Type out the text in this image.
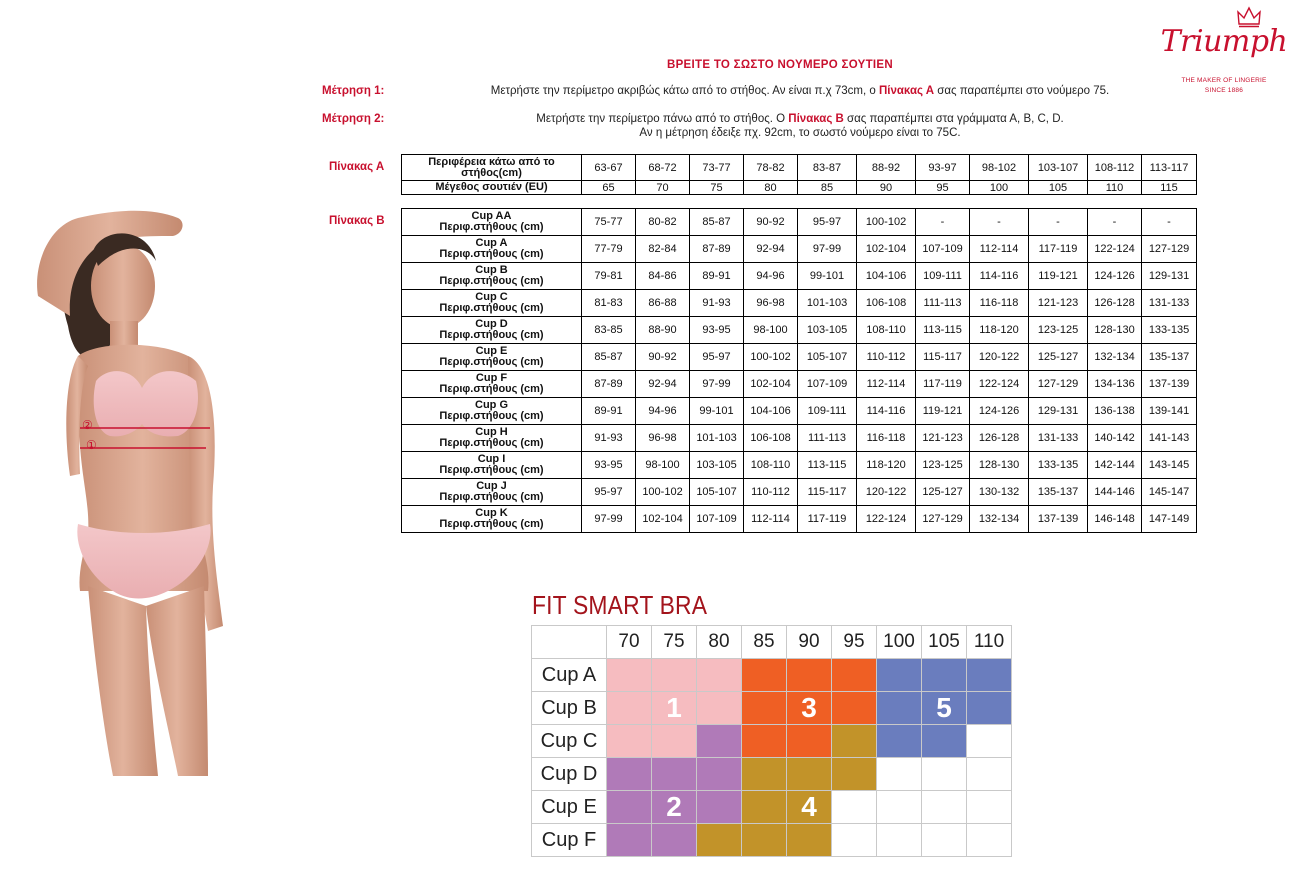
ΒΡΕΙΤΕ ΤΟ ΣΩΣΤΟ ΝΟΥΜΕΡΟ ΣΟΥΤΙΕΝ
Triumph
THE MAKER OF LINGERIE
SINCE 1886
Μέτρηση 1:	Μετρήστε την περίμετρο ακριβώς κάτω από το στήθος. Αν είναι π.χ 73cm, ο Πίνακας Α σας παραπέμπει στο νούμερο 75.
Μέτρηση 2:	Μετρήστε την περίμετρο πάνω από το στήθος. Ο Πίνακας Β σας παραπέμπει στα γράμματα Α, Β, C, D.
Αν η μέτρηση έδειξε πχ. 92cm, το σωστό νούμερο είναι το 75C.
Πίνακας Α	Περιφέρεια κάτω από το στήθος(cm)	63-67	68-72	73-77	78-82	83-87	88-92	93-97	98-102	103-107	108-112	113-117
Μέγεθος σουτιέν (EU)	65	70	75	80	85	90	95	100	105	110	115
Πίνακας Β	Cup AA
Περιφ.στήθους (cm)	75-77	80-82	85-87	90-92	95-97	100-102	-	-	-	-	-

Cup A
Περιφ.στήθους (cm)	77-79	82-84	87-89	92-94	97-99	102-104	107-109	112-114	117-119	122-124	127-129

Cup B
Περιφ.στήθους (cm)	79-81	84-86	89-91	94-96	99-101	104-106	109-111	114-116	119-121	124-126	129-131

Cup C
Περιφ.στήθους (cm)	81-83	86-88	91-93	96-98	101-103	106-108	111-113	116-118	121-123	126-128	131-133

Cup D
Περιφ.στήθους (cm)	83-85	88-90	93-95	98-100	103-105	108-110	113-115	118-120	123-125	128-130	133-135

Cup E
Περιφ.στήθους (cm)	85-87	90-92	95-97	100-102	105-107	110-112	115-117	120-122	125-127	132-134	135-137

Cup F
Περιφ.στήθους (cm)	87-89	92-94	97-99	102-104	107-109	112-114	117-119	122-124	127-129	134-136	137-139

Cup G
Περιφ.στήθους (cm)	89-91	94-96	99-101	104-106	109-111	114-116	119-121	124-126	129-131	136-138	139-141

Cup H
Περιφ.στήθους (cm)	91-93	96-98	101-103	106-108	111-113	116-118	121-123	126-128	131-133	140-142	141-143

Cup I
Περιφ.στήθους (cm)	93-95	98-100	103-105	108-110	113-115	118-120	123-125	128-130	133-135	142-144	143-145

Cup J
Περιφ.στήθους (cm)	95-97	100-102	105-107	110-112	115-117	120-122	125-127	130-132	135-137	144-146	145-147

Cup K
Περιφ.στήθους (cm)	97-99	102-104	107-109	112-114	117-119	122-124	127-129	132-134	137-139	146-148	147-149
②
①
FIT SMART BRA
	70	75	80	85	90	95	100	105	110
Cup A									
Cup B		1			3			5	
Cup C									
Cup D									
Cup E		2			4				
Cup F									
